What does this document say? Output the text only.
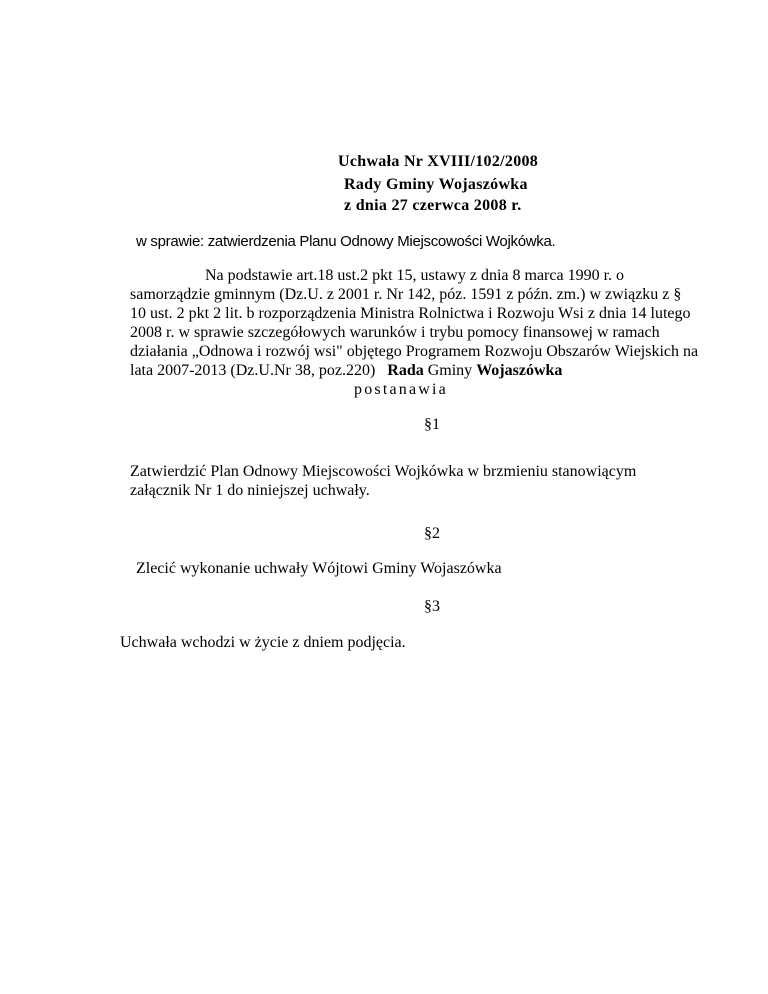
Uchwała Nr XVIII/102/2008
Rady Gminy Wojaszówka
z dnia 27 czerwca 2008 r.
w sprawie: zatwierdzenia Planu Odnowy Miejscowości Wojkówka.
Na podstawie art.18 ust.2 pkt 15, ustawy z dnia 8 marca 1990 r. o
samorządzie gminnym (Dz.U. z 2001 r. Nr 142, póz. 1591 z późn. zm.) w związku z §
10 ust. 2 pkt 2 lit. b rozporządzenia Ministra Rolnictwa i Rozwoju Wsi z dnia 14 lutego
2008 r. w sprawie szczegółowych warunków i trybu pomocy finansowej w ramach
działania „Odnowa i rozwój wsi" objętego Programem Rozwoju Obszarów Wiejskich na
lata 2007-2013 (Dz.U.Nr 38, poz.220) Rada Gminy Wojaszówka
postanawia
§1
Zatwierdzić Plan Odnowy Miejscowości Wojkówka w brzmieniu stanowiącym
załącznik Nr 1 do niniejszej uchwały.
§2
Zlecić wykonanie uchwały Wójtowi Gminy Wojaszówka
§3
Uchwała wchodzi w życie z dniem podjęcia.
